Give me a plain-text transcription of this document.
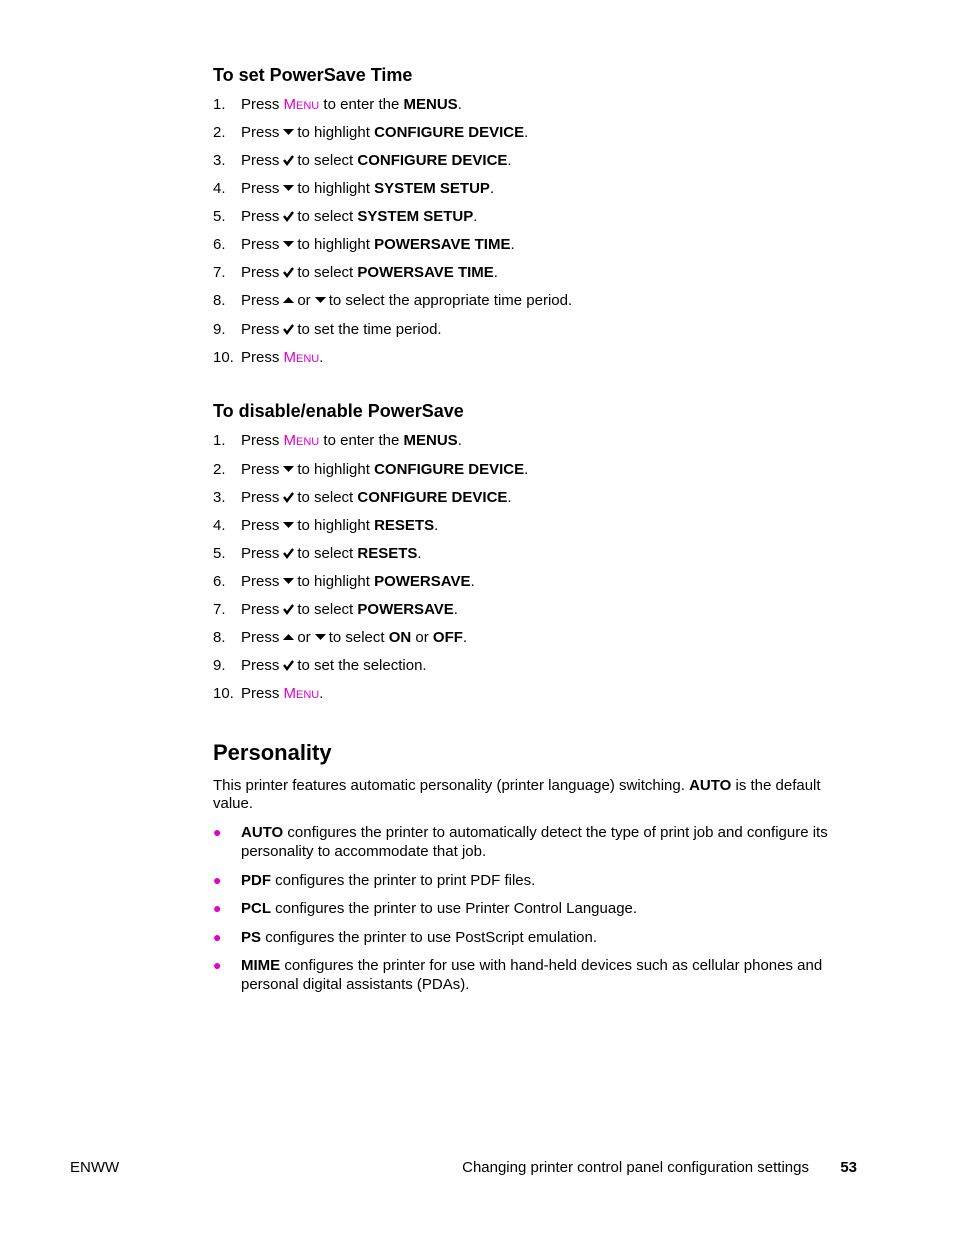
To set PowerSave Time
1. Press Menu to enter the MENUS.
2. Press to highlight CONFIGURE DEVICE.
3. Press to select CONFIGURE DEVICE.
4. Press to highlight SYSTEM SETUP.
5. Press to select SYSTEM SETUP.
6. Press to highlight POWERSAVE TIME.
7. Press to select POWERSAVE TIME.
8. Press or to select the appropriate time period.
9. Press to set the time period.
10. Press Menu.
To disable/enable PowerSave
1. Press Menu to enter the MENUS.
2. Press to highlight CONFIGURE DEVICE.
3. Press to select CONFIGURE DEVICE.
4. Press to highlight RESETS.
5. Press to select RESETS.
6. Press to highlight POWERSAVE.
7. Press to select POWERSAVE.
8. Press or to select ON or OFF.
9. Press to set the selection.
10. Press Menu.
Personality

This printer features automatic personality (printer language) switching. AUTO is the default value.

● AUTO configures the printer to automatically detect the type of print job and configure its personality to accommodate that job.
● PDF configures the printer to print PDF files.
● PCL configures the printer to use Printer Control Language.
● PS configures the printer to use PostScript emulation.
● MIME configures the printer for use with hand-held devices such as cellular phones and personal digital assistants (PDAs).
ENWW	Changing printer control panel configuration settings 53
